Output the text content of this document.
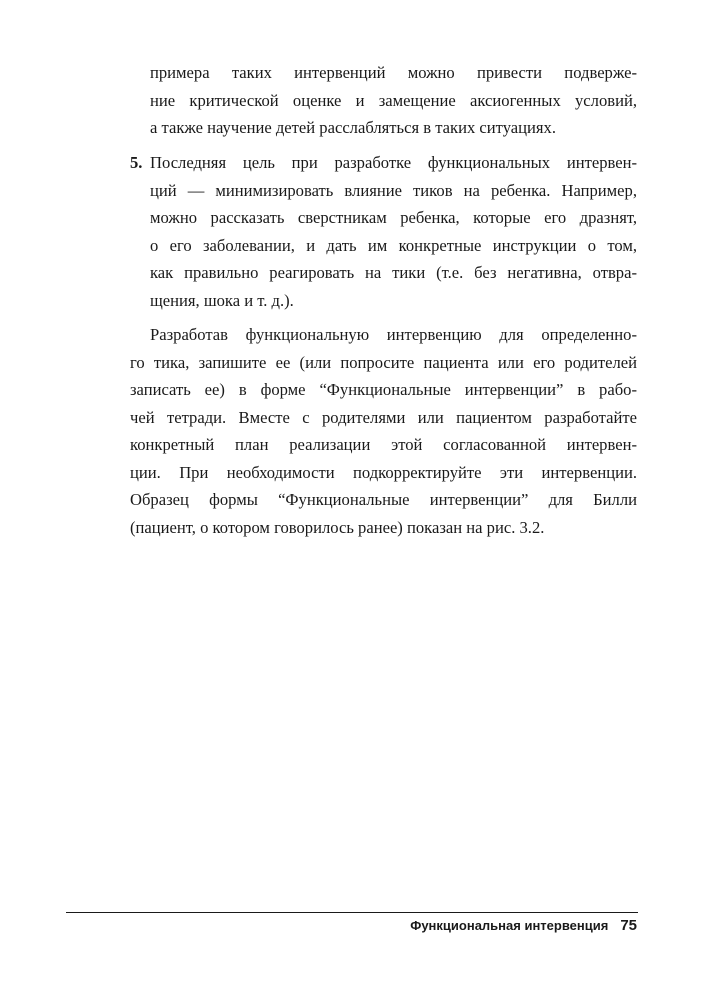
примера таких интервенций можно привести подверже-
ние критической оценке и замещение аксиогенных условий,
а также научение детей расслабляться в таких ситуациях.
5. Последняя цель при разработке функциональных интервен-
ций — минимизировать влияние тиков на ребенка. Например,
можно рассказать сверстникам ребенка, которые его дразнят,
о его заболевании, и дать им конкретные инструкции о том,
как правильно реагировать на тики (т.е. без негативна, отвра-
щения, шока и т. д.).
Разработав функциональную интервенцию для определенно-
го тика, запишите ее (или попросите пациента или его родителей
записать ее) в форме “Функциональные интервенции” в рабо-
чей тетради. Вместе с родителями или пациентом разработайте
конкретный план реализации этой согласованной интервен-
ции. При необходимости подкорректируйте эти интервенции.
Образец формы “Функциональные интервенции” для Билли
(пациент, о котором говорилось ранее) показан на рис. 3.2.
Функциональная интервенция 75
